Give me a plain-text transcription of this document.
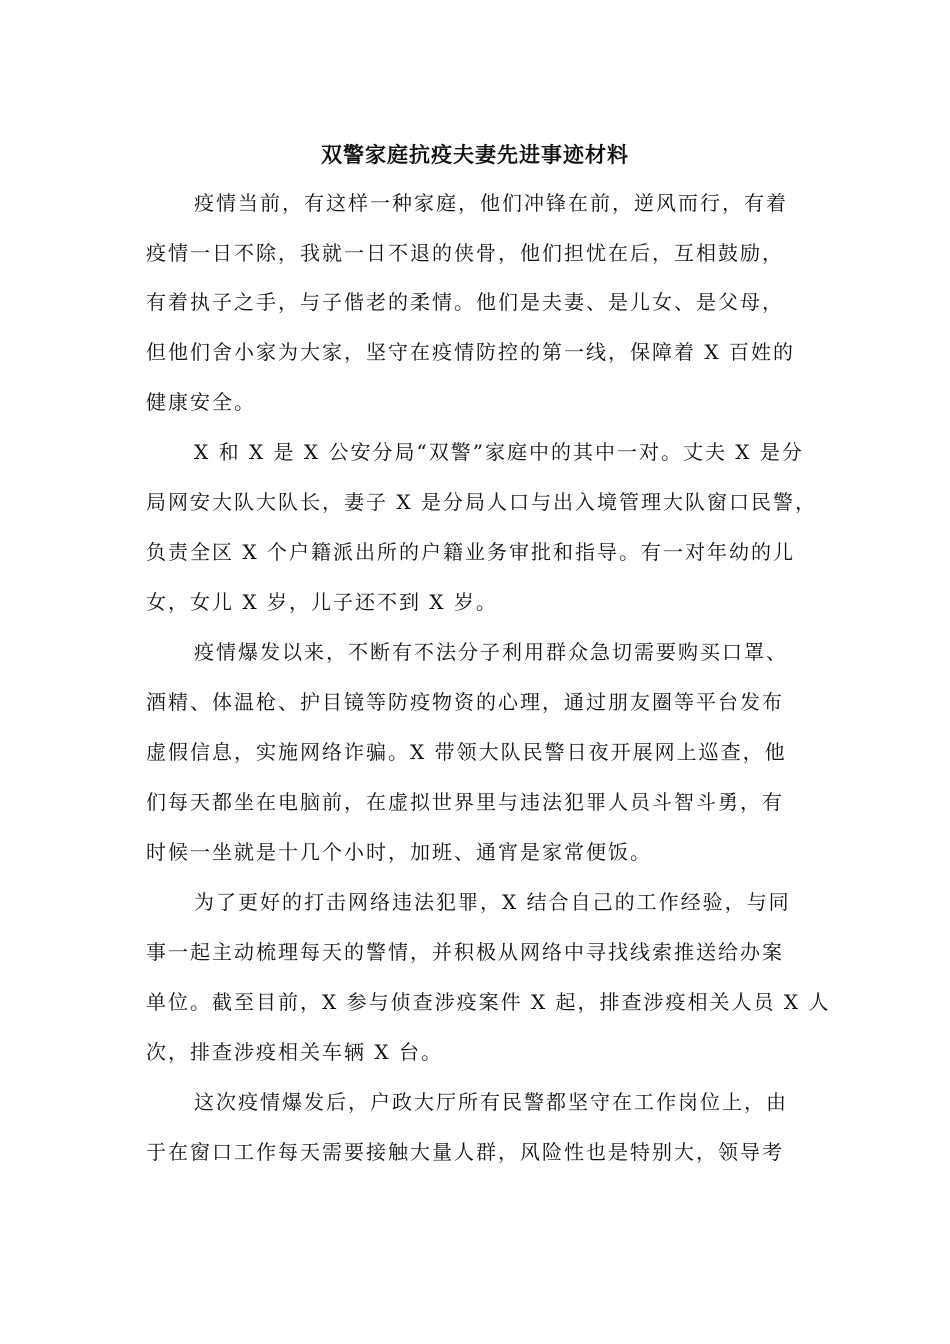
双警家庭抗疫夫妻先进事迹材料
疫情当前，有这样一种家庭，他们冲锋在前，逆风而行，有着
疫情一日不除，我就一日不退的侠骨，他们担忧在后，互相鼓励，
有着执子之手，与子偕老的柔情。他们是夫妻、是儿女、是父母，
但他们舍小家为大家，坚守在疫情防控的第一线，保障着 X 百姓的
健康安全。
X 和 X 是 X 公安分局“双警”家庭中的其中一对。丈夫 X 是分
局网安大队大队长，妻子 X 是分局人口与出入境管理大队窗口民警，
负责全区 X 个户籍派出所的户籍业务审批和指导。有一对年幼的儿
女，女儿 X 岁，儿子还不到 X 岁。
疫情爆发以来，不断有不法分子利用群众急切需要购买口罩、
酒精、体温枪、护目镜等防疫物资的心理，通过朋友圈等平台发布
虚假信息，实施网络诈骗。X 带领大队民警日夜开展网上巡查，他
们每天都坐在电脑前，在虚拟世界里与违法犯罪人员斗智斗勇，有
时候一坐就是十几个小时，加班、通宵是家常便饭。
为了更好的打击网络违法犯罪，X 结合自己的工作经验，与同
事一起主动梳理每天的警情，并积极从网络中寻找线索推送给办案
单位。截至目前，X 参与侦查涉疫案件 X 起，排查涉疫相关人员 X 人
次，排查涉疫相关车辆 X 台。
这次疫情爆发后，户政大厅所有民警都坚守在工作岗位上，由
于在窗口工作每天需要接触大量人群，风险性也是特别大，领导考
